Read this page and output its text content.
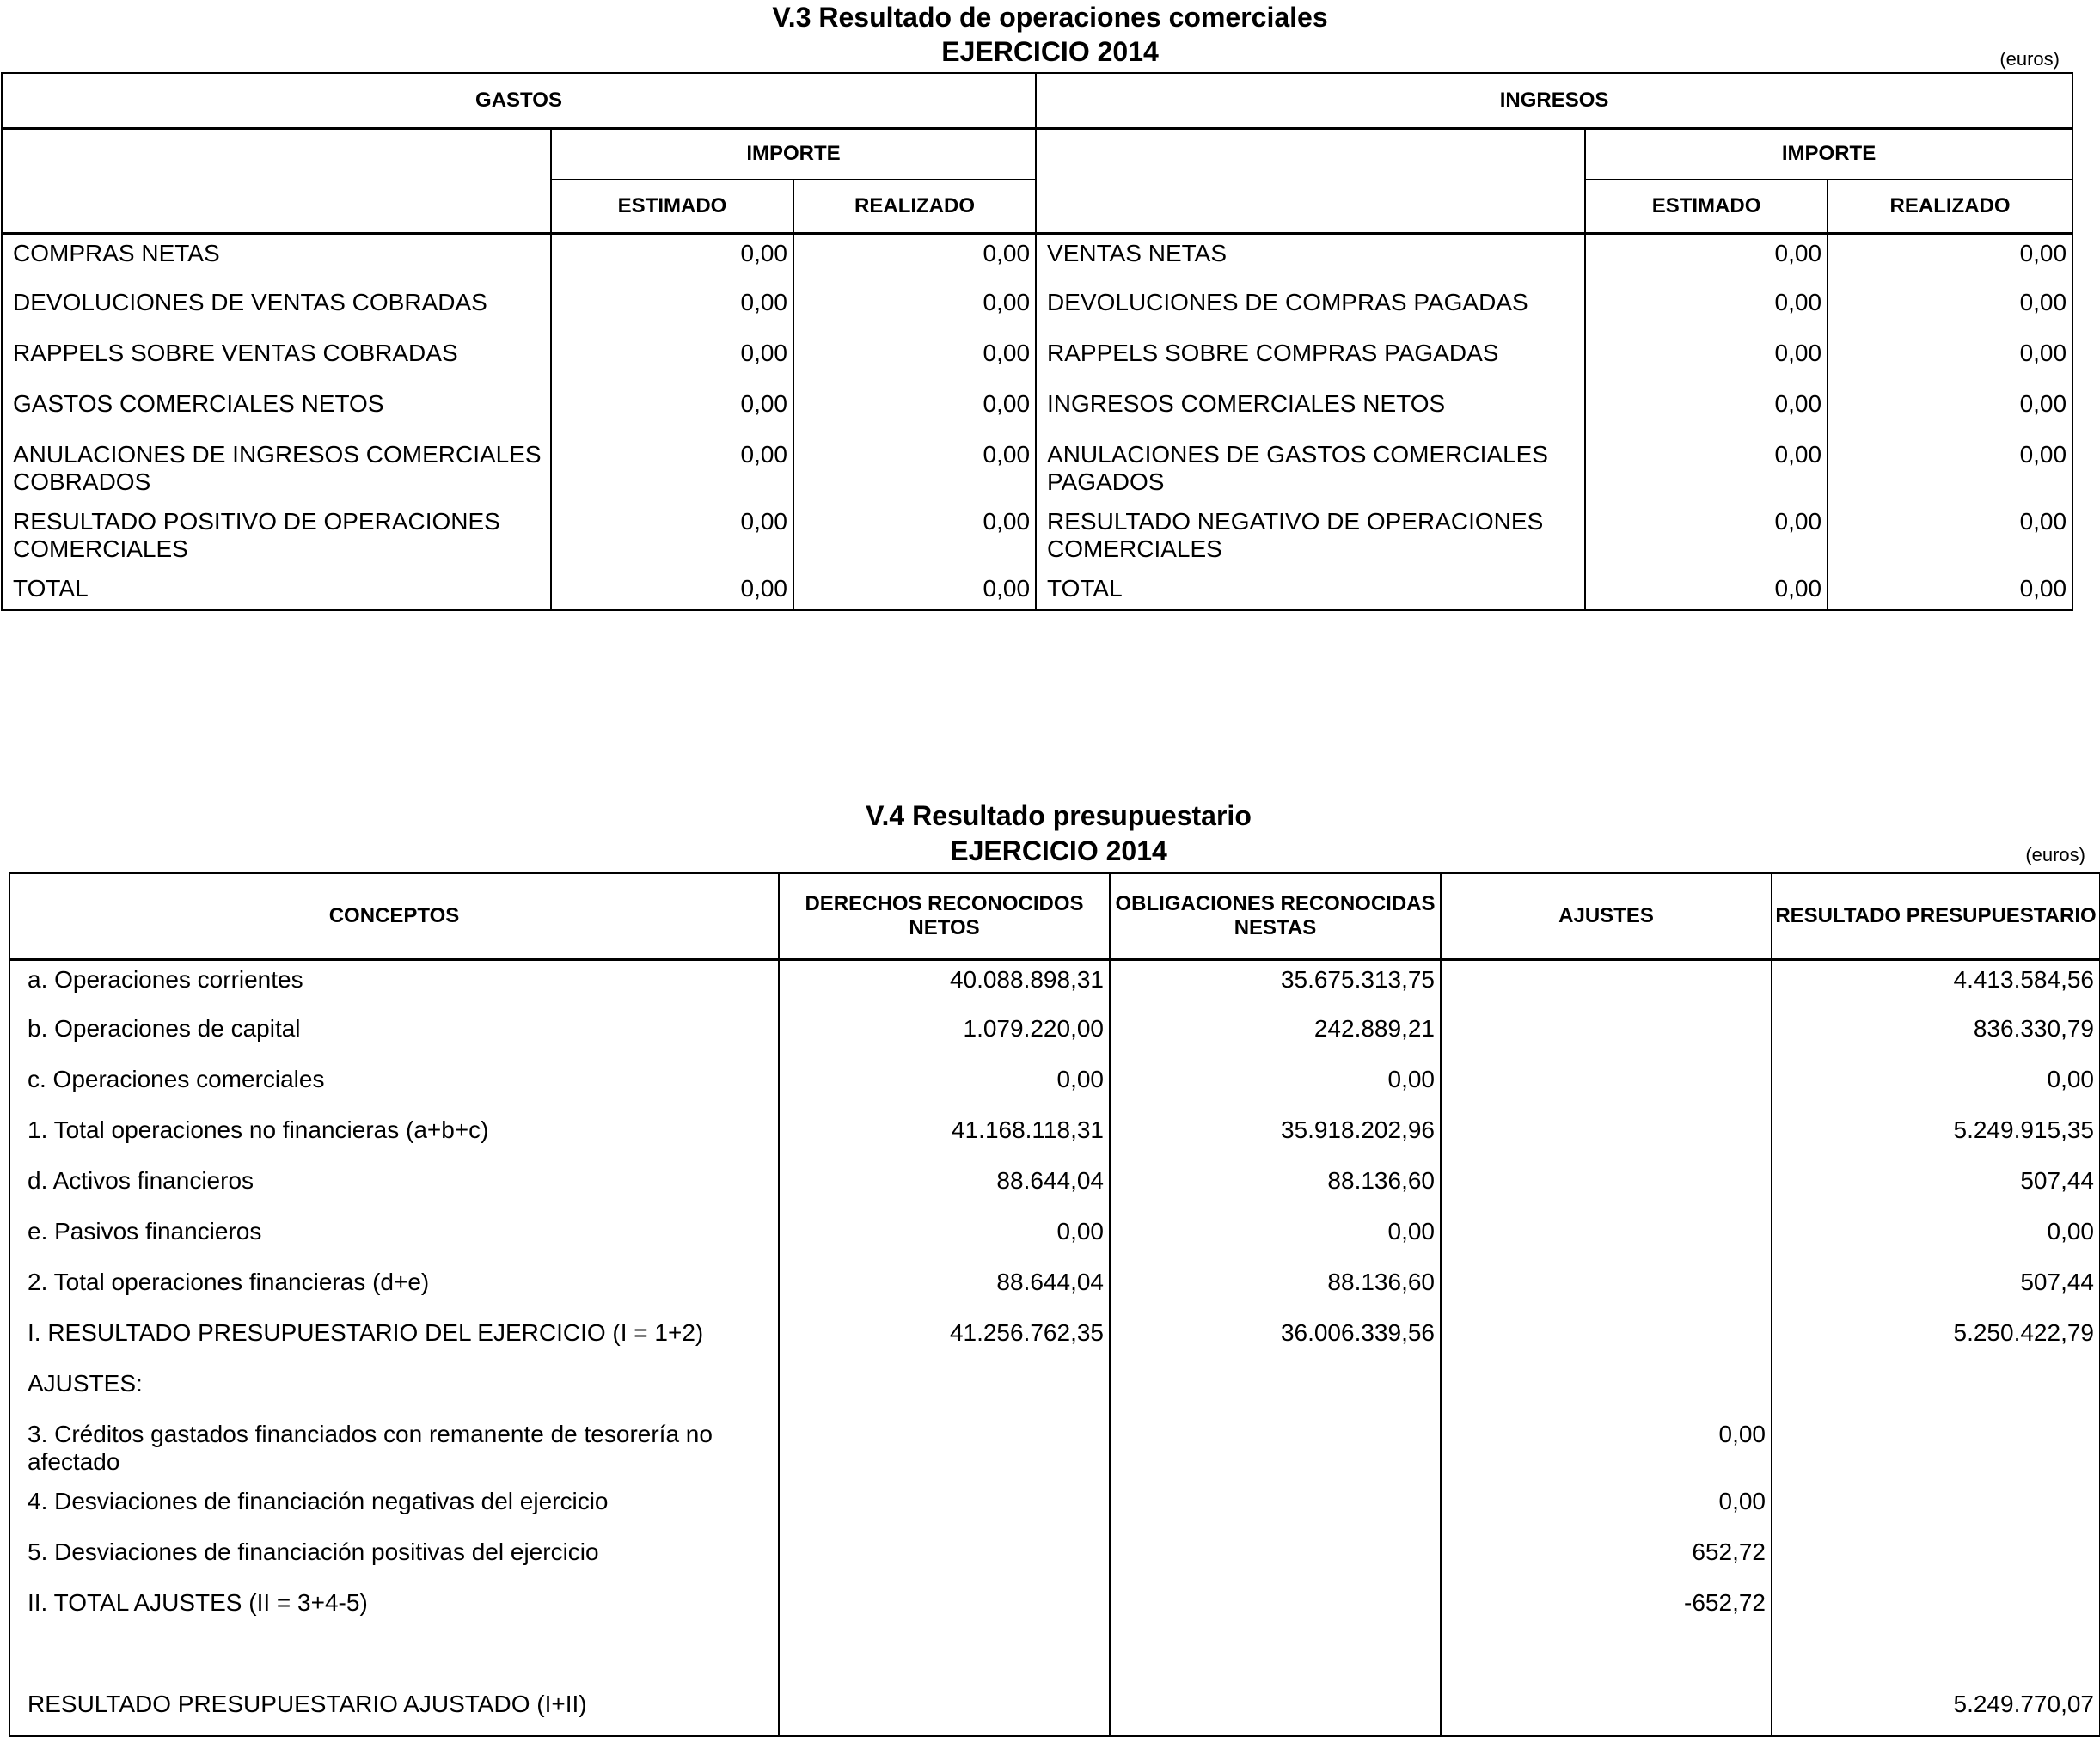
V.3 Resultado de operaciones comerciales
EJERCICIO 2014	(euros)
GASTOS			INGRESOS		
	IMPORTE			IMPORTE	
	ESTIMADO	REALIZADO		ESTIMADO	REALIZADO
COMPRAS NETAS	0,00	0,00	VENTAS NETAS	0,00	0,00
DEVOLUCIONES DE VENTAS COBRADAS	0,00	0,00	DEVOLUCIONES DE COMPRAS PAGADAS	0,00	0,00
RAPPELS SOBRE VENTAS COBRADAS	0,00	0,00	RAPPELS SOBRE COMPRAS PAGADAS	0,00	0,00
GASTOS COMERCIALES NETOS	0,00	0,00	INGRESOS COMERCIALES NETOS	0,00	0,00
ANULACIONES DE INGRESOS COMERCIALES COBRADOS	0,00	0,00	ANULACIONES DE GASTOS COMERCIALES PAGADOS	0,00	0,00
RESULTADO POSITIVO DE OPERACIONES COMERCIALES	0,00	0,00	RESULTADO NEGATIVO DE OPERACIONES COMERCIALES	0,00	0,00
TOTAL	0,00	0,00	TOTAL	0,00	0,00
V.4 Resultado presupuestario
EJERCICIO 2014	(euros)
CONCEPTOS	DERECHOS RECONOCIDOS NETOS	OBLIGACIONES RECONOCIDAS NESTAS	AJUSTES	RESULTADO PRESUPUESTARIO
a. Operaciones corrientes	40.088.898,31	35.675.313,75		4.413.584,56
b. Operaciones de capital	1.079.220,00	242.889,21		836.330,79
c. Operaciones comerciales	0,00	0,00		0,00
1. Total operaciones no financieras (a+b+c)	41.168.118,31	35.918.202,96		5.249.915,35
d. Activos financieros	88.644,04	88.136,60		507,44
e. Pasivos financieros	0,00	0,00		0,00
2. Total operaciones financieras (d+e)	88.644,04	88.136,60		507,44
I. RESULTADO PRESUPUESTARIO DEL EJERCICIO (I = 1+2)	41.256.762,35	36.006.339,56		5.250.422,79
AJUSTES:				
3. Créditos gastados financiados con remanente de tesorería no afectado			0,00	
4. Desviaciones de financiación negativas del ejercicio			0,00	
5. Desviaciones de financiación positivas del ejercicio			652,72	
II. TOTAL AJUSTES (II = 3+4-5)			-652,72	

RESULTADO PRESUPUESTARIO AJUSTADO (I+II)				5.249.770,07
